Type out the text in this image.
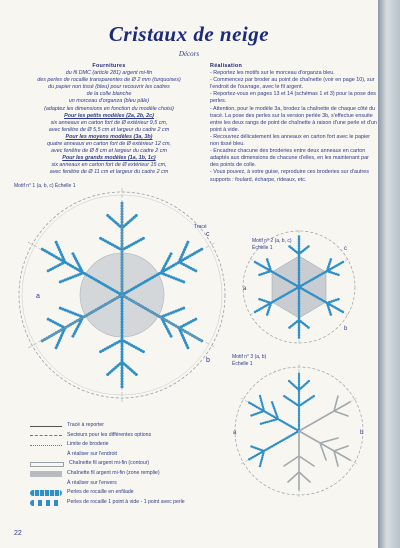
Cristaux de neige
Décors
Fournitures
du fil DMC (article 281) argent mi-fin
des perles de rocaille transparentes de Ø 2 mm (turquoises)
du papier non tissé (bleu) pour recouvrir les cadres
de la colle blanche
un morceau d'organza (bleu pâle)
(adaptez les dimensions en fonction du modèle choisi)
Pour les petits modèles (2a, 2b, 2c)
six anneaux en carton fort de Ø extérieur 9,5 cm,
avec fenêtre de Ø 5,5 cm et largeur du cadre 2 cm
Pour les moyens modèles (3a, 3b)
quatre anneaux en carton fort de Ø extérieur 12 cm,
avec fenêtre de Ø 8 cm et largeur du cadre 2 cm
Pour les grands modèles (1a, 1b, 1c)
six anneaux en carton fort de Ø extérieur 15 cm,
avec fenêtre de Ø 11 cm et largeur du cadre 2 cm
Réalisation

- Reportez les motifs sur le morceau d'organza bleu.

- Commencez par broder au point de chaînette (voir en page 10), sur l'endroit de l'ouvrage, avec le fil argent.

- Reportez-vous en pages 13 et 14 (schémas 1 et 3) pour la pose des perles.

- Attention, pour le modèle 3a, brodez la chaînette de chaque côté du tracé. La pose des perles sur la version perlée 3b, s'effectue ensuite entre les deux rangs de point de chaînette à raison d'une perle et d'un point à vide.

- Recouvrez délicatement les anneaux en carton fort avec le papier non tissé bleu.

- Encadrez chacune des broderies entre deux anneaux en carton adaptés aux dimensions de chacune d'elles, en les maintenant par des points de colle.

- Vous pouvez, à votre guise, reproduire ces broderies sur d'autres supports : foulard, écharpe, rideaux, etc.

a
c
b
Motif n° 1 (a, b, c) Échelle 1
Tracé
a
c
b
Motif n° 2 (a, b, c)
Échelle 1
a	b
Motif n° 3 (a, b)
Échelle 1
Tracé à reporter
Secteurs pour les différentes options
Limite de broderie
À réaliser sur l'endroit
Chaînette fil argent mi-fin (contour)
Chaînette fil argent mi-fin (zone remplie)
À réaliser sur l'envers
Perles de rocaille en enfilade
Perles de rocaille 1 point à vide - 1 point avec perle
22
